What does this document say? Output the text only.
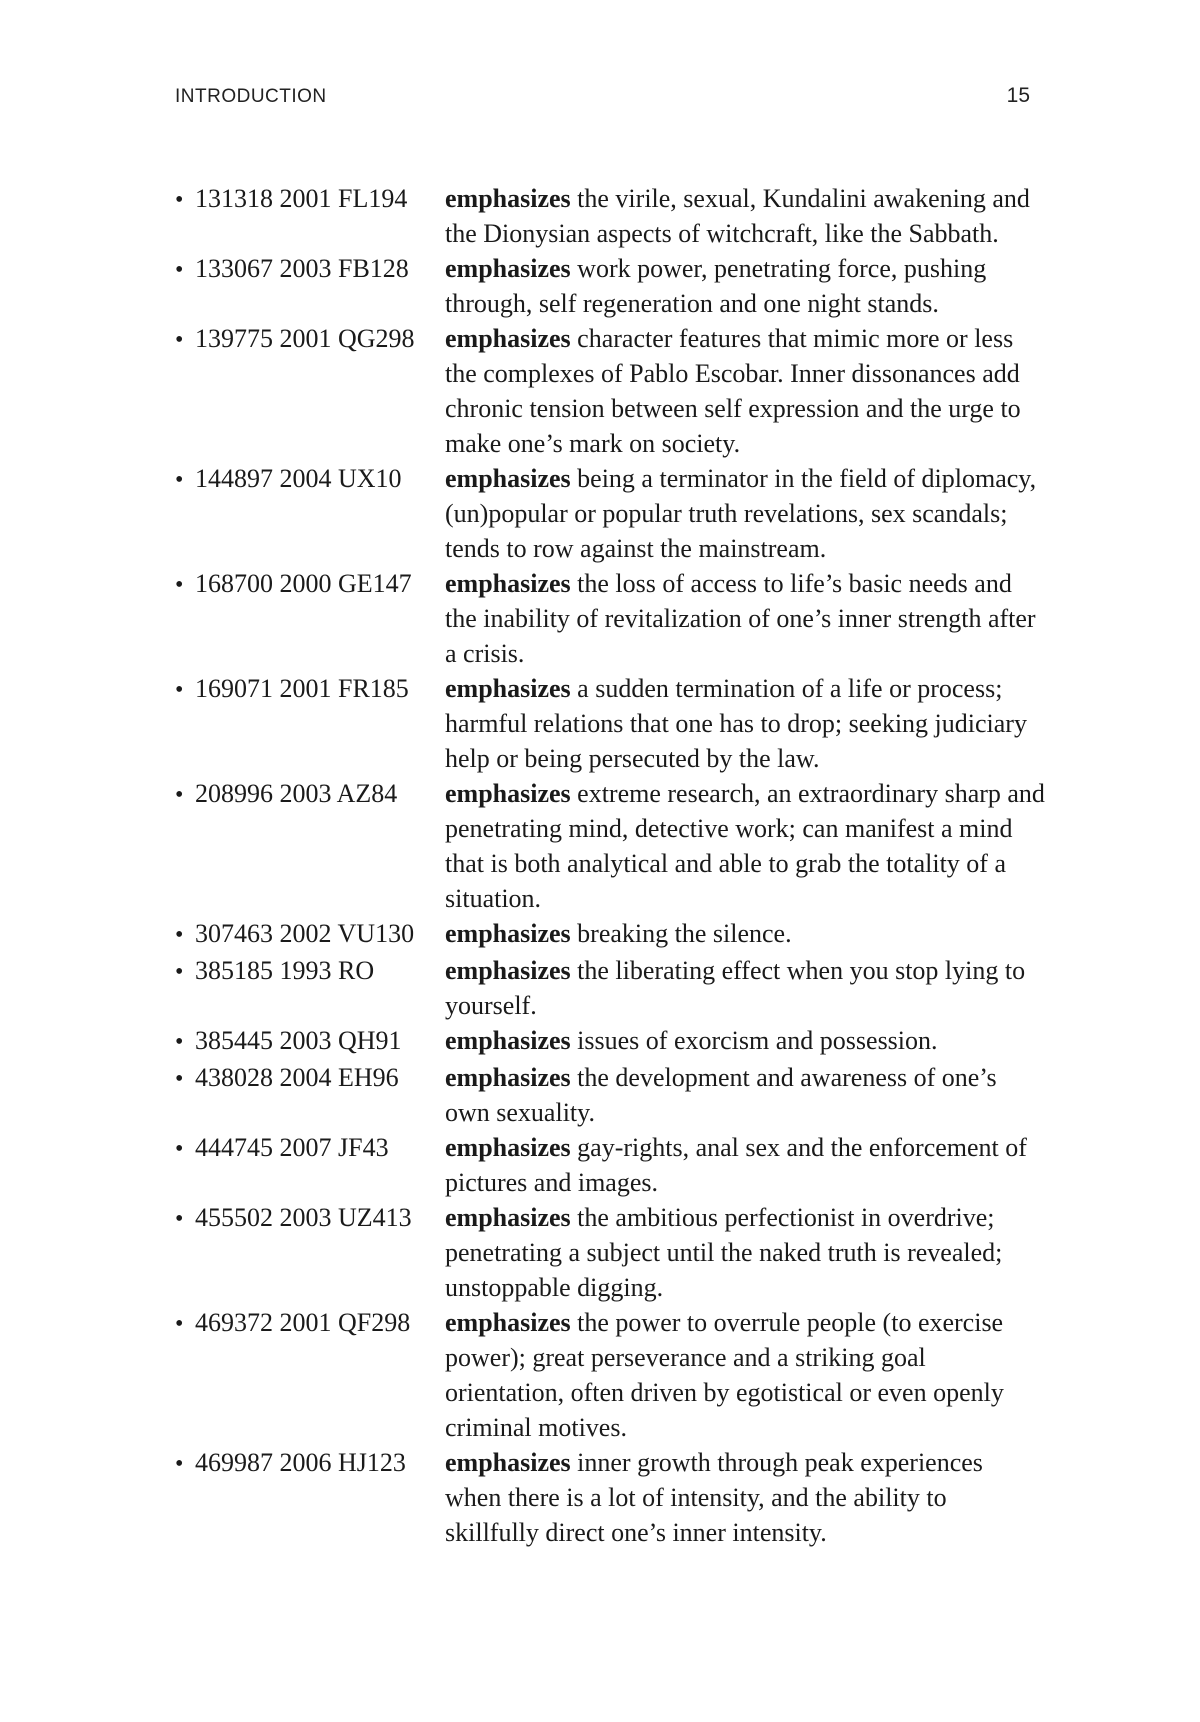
INTRODUCTION	15
• 131318 2001 FL194	emphasizes the virile, sexual, Kundalini awakening and the Dionysian aspects of witchcraft, like the Sabbath.
• 133067 2003 FB128	emphasizes work power, penetrating force, pushing through, self regeneration and one night stands.
• 139775 2001 QG298	emphasizes character features that mimic more or less the complexes of Pablo Escobar. Inner dissonances add chronic tension between self expression and the urge to make one’s mark on society.
• 144897 2004 UX10	emphasizes being a terminator in the field of diplomacy, (un)popular or popular truth revelations, sex scandals; tends to row against the mainstream.
• 168700 2000 GE147	emphasizes the loss of access to life’s basic needs and the inability of revitalization of one’s inner strength after a crisis.
• 169071 2001 FR185	emphasizes a sudden termination of a life or process; harmful relations that one has to drop; seeking judiciary help or being persecuted by the law.
• 208996 2003 AZ84	emphasizes extreme research, an extraordinary sharp and penetrating mind, detective work; can manifest a mind that is both analytical and able to grab the totality of a situation.
• 307463 2002 VU130	emphasizes breaking the silence.
• 385185 1993 RO	emphasizes the liberating effect when you stop lying to yourself.
• 385445 2003 QH91	emphasizes issues of exorcism and possession.
• 438028 2004 EH96	emphasizes the development and awareness of one’s own sexuality.
• 444745 2007 JF43	emphasizes gay-rights, anal sex and the enforcement of pictures and images.
• 455502 2003 UZ413	emphasizes the ambitious perfectionist in overdrive; penetrating a subject until the naked truth is revealed; unstoppable digging.
• 469372 2001 QF298	emphasizes the power to overrule people (to exercise power); great perseverance and a striking goal orientation, often driven by egotistical or even openly criminal motives.
• 469987 2006 HJ123	emphasizes inner growth through peak experiences when there is a lot of intensity, and the ability to skillfully direct one’s inner intensity.
